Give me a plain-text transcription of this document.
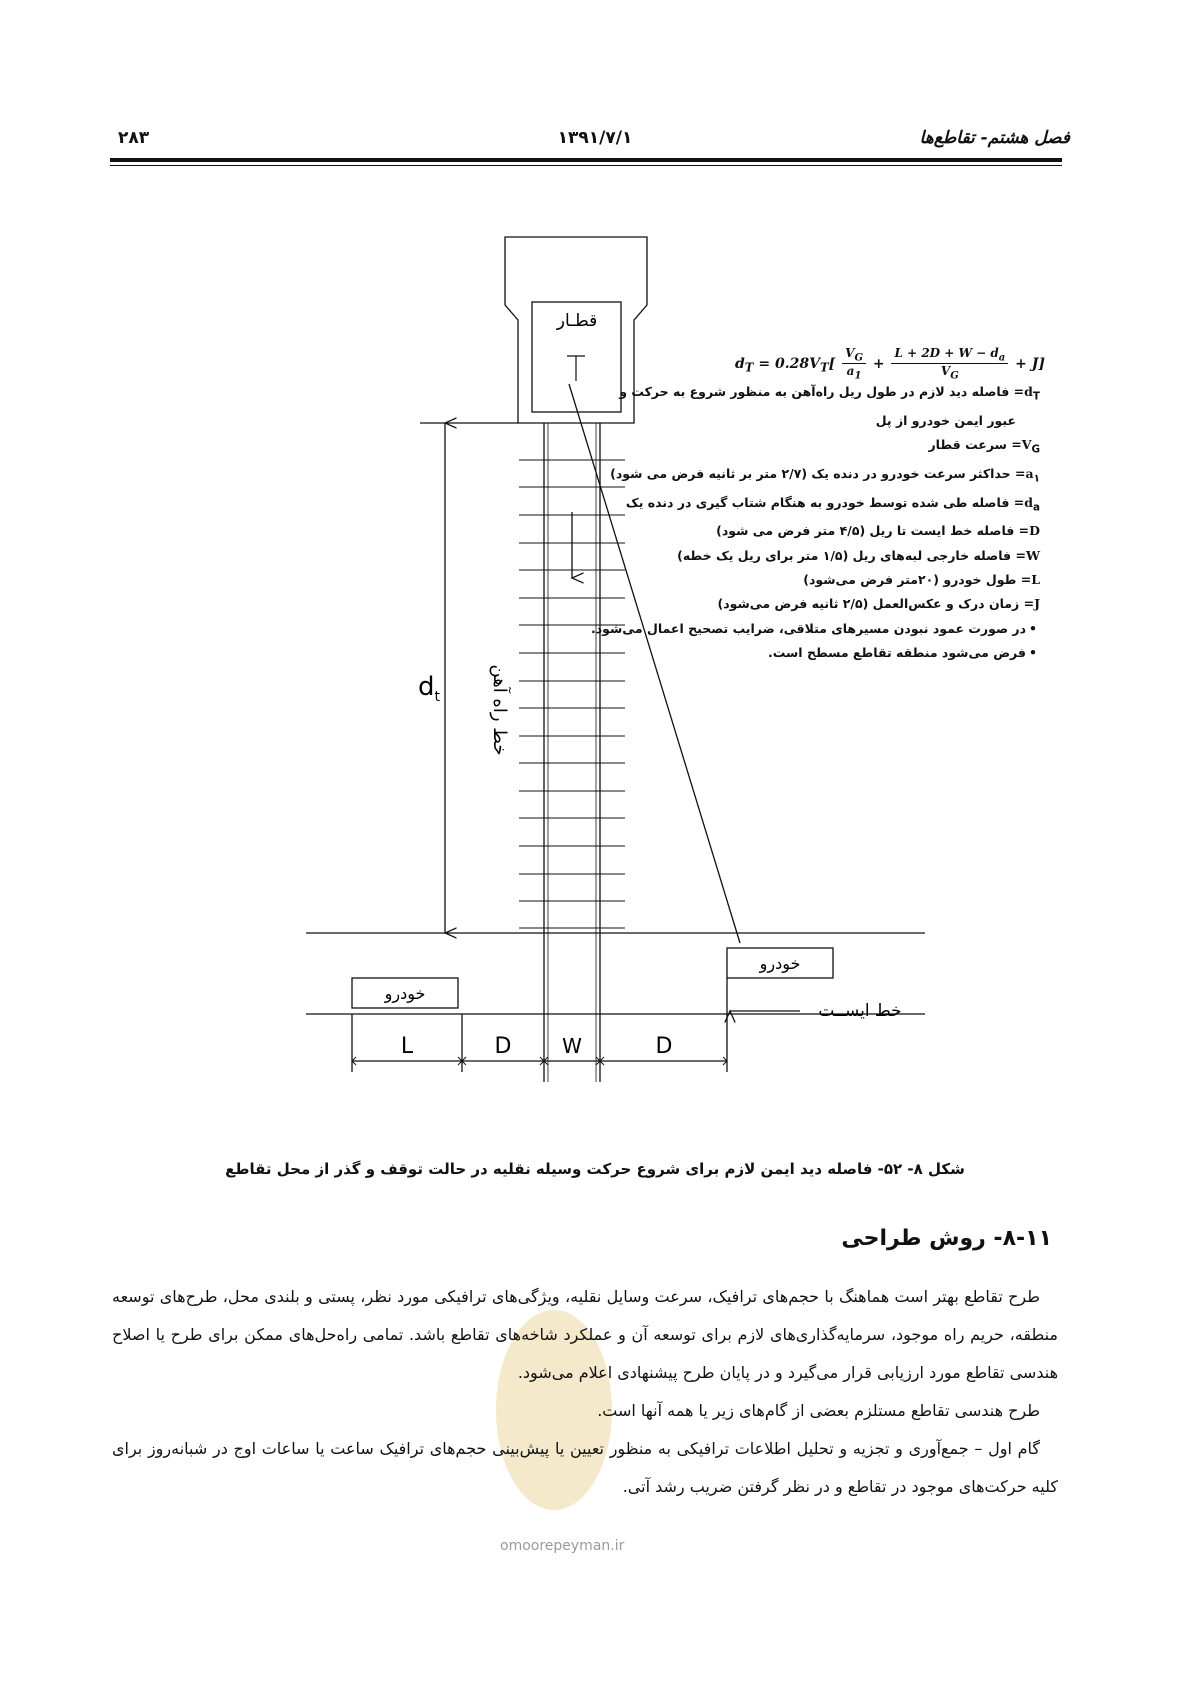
۲۸۳	۱۳۹۱/۷/۱	فصل هشتم- تقاطع‌ها
قطـار
خط راه آهن
$d_t$
خودرو
خودرو
خط ایســت
L	D	W	D
$d_T = 0.28V_T[ \frac{V_G}{a_1} + \frac{L + 2D + W - d_a}{V_G} + J]$
$d_T=$ فاصله دید لازم در طول ریل راه‌آهن به منظور شروع به حرکت و
عبور ایمن خودرو از پل
$V_G=$ سرعت قطار
$a_۱=$ حداکثر سرعت خودرو در دنده یک (۲/۷ متر بر ثانیه فرض می شود)
$d_a=$ فاصله طی شده توسط خودرو به هنگام شتاب گیری در دنده یک
D= فاصله خط ایست تا ریل (۴/۵ متر فرض می شود)
W= فاصله خارجی لبه‌های ریل (۱/۵ متر برای ریل یک خطه)
L= طول خودرو (۲۰متر فرض می‌شود)
J= زمان درک و عکس‌العمل (۲/۵ ثانیه فرض می‌شود)
•در صورت عمود نبودن مسیرهای متلاقی، ضرایب تصحیح اعمال می‌شود.
•فرض می‌شود منطقه تقاطع مسطح است.
شکل ۸- ۵۲- فاصله دید ایمن لازم برای شروع حرکت وسیله نقلیه در حالت توقف و گذر از محل تقاطع
۸-۱۱- روش طراحی
omoorepeyman.ir

طرح تقاطع بهتر است هماهنگ با حجم‌های ترافیک، سرعت وسایل نقلیه، ویژگی‌های ترافیکی مورد نظر، پستی و بلندی محل، طرح‌های توسعه منطقه، حریم راه موجود، سرمایه‌گذاری‌های لازم برای توسعه آن و عملکرد شاخه‌های تقاطع باشد. تمامی راه‌حل‌های ممکن برای طرح یا اصلاح هندسی تقاطع مورد ارزیابی قرار می‌گیرد و در پایان طرح پیشنهادی اعلام می‌شود.

طرح هندسی تقاطع مستلزم بعضی از گام‌های زیر یا همه آنها است.

گام اول – جمع‌آوری و تجزیه و تحلیل اطلاعات ترافیکی به منظور تعیین یا پیش‌بینی حجم‌های ترافیک ساعت یا ساعات اوج در شبانه‌روز برای کلیه حرکت‌های موجود در تقاطع و در نظر گرفتن ضریب رشد آتی.
